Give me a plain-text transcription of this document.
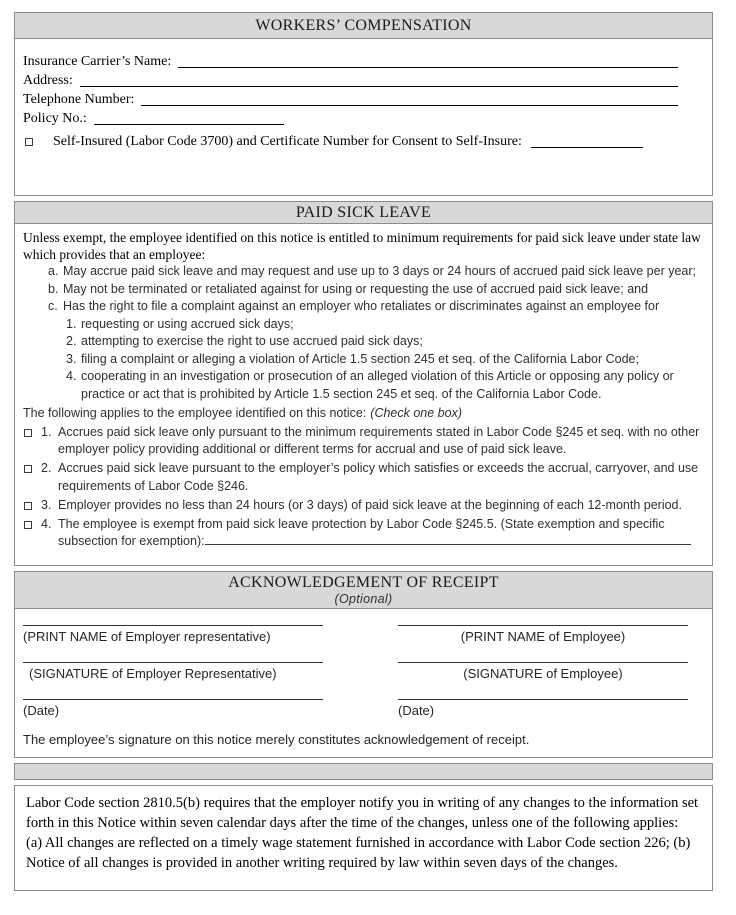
WORKERS’ COMPENSATION
Insurance Carrier’s Name:
Address:
Telephone Number:
Policy No.:
Self-Insured (Labor Code 3700) and Certificate Number for Consent to Self-Insure:
PAID SICK LEAVE
Unless exempt, the employee identified on this notice is entitled to minimum requirements for paid sick leave under state law which provides that an employee:
a. May accrue paid sick leave and may request and use up to 3 days or 24 hours of accrued paid sick leave per year;
b. May not be terminated or retaliated against for using or requesting the use of accrued paid sick leave; and
c. Has the right to file a complaint against an employer who retaliates or discriminates against an employee for
1. requesting or using accrued sick days;
2. attempting to exercise the right to use accrued paid sick days;
3. filing a complaint or alleging a violation of Article 1.5 section 245 et seq. of the California Labor Code;
4. cooperating in an investigation or prosecution of an alleged violation of this Article or opposing any policy or practice or act that is prohibited by Article 1.5 section 245 et seq. of the California Labor Code.
The following applies to the employee identified on this notice: (Check one box)
1. Accrues paid sick leave only pursuant to the minimum requirements stated in Labor Code §245 et seq. with no other employer policy providing additional or different terms for accrual and use of paid sick leave.
2. Accrues paid sick leave pursuant to the employer’s policy which satisfies or exceeds the accrual, carryover, and use requirements of Labor Code §246.
3. Employer provides no less than 24 hours (or 3 days) of paid sick leave at the beginning of each 12-month period.
4. The employee is exempt from paid sick leave protection by Labor Code §245.5. (State exemption and specific subsection for exemption):
ACKNOWLEDGEMENT OF RECEIPT
(Optional)
(PRINT NAME of Employer representative)	(PRINT NAME of Employee)
(SIGNATURE of Employer Representative)	(SIGNATURE of Employee)
(Date)	(Date)
The employee’s signature on this notice merely constitutes acknowledgement of receipt.
Labor Code section 2810.5(b) requires that the employer notify you in writing of any changes to the information set forth in this Notice within seven calendar days after the time of the changes, unless one of the following applies:  (a) All changes are reflected on a timely wage statement furnished in accordance with Labor Code section 226; (b) Notice of all changes is provided in another writing required by law within seven days of the changes.
